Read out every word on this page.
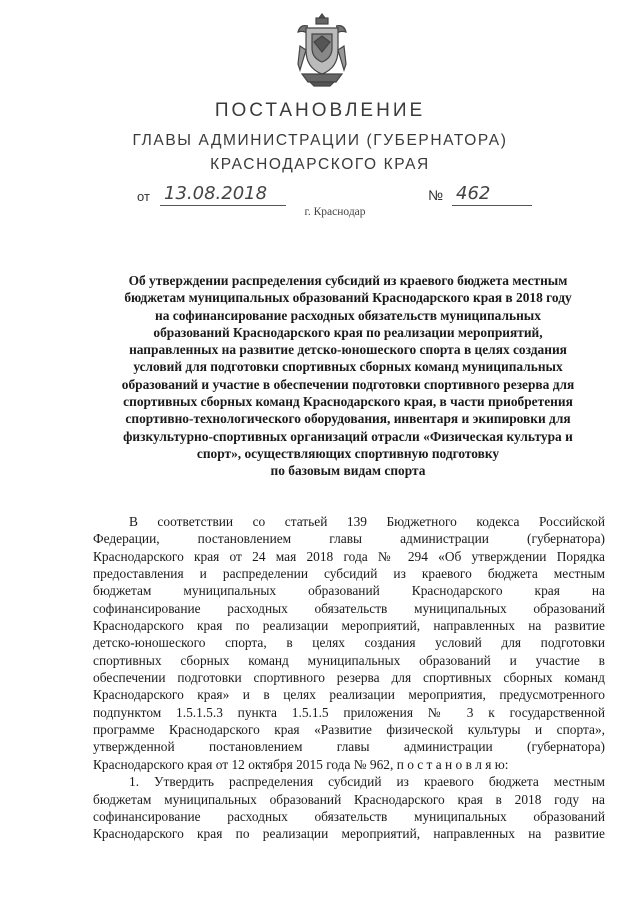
ПОСТАНОВЛЕНИЕ
ГЛАВЫ АДМИНИСТРАЦИИ (ГУБЕРНАТОРА)
КРАСНОДАРСКОГО КРАЯ
от 13.08.2018	№ 462
г. Краснодар
Об утверждении распределения субсидий из краевого бюджета местным
бюджетам муниципальных образований Краснодарского края в 2018 году
на софинансирование расходных обязательств муниципальных
образований Краснодарского края по реализации мероприятий,
направленных на развитие детско-юношеского спорта в целях создания
условий для подготовки спортивных сборных команд муниципальных
образований и участие в обеспечении подготовки спортивного резерва для
спортивных сборных команд Краснодарского края, в части приобретения
спортивно-технологического оборудования, инвентаря и экипировки для
физкультурно-спортивных организаций отрасли «Физическая культура и
спорт», осуществляющих спортивную подготовку
по базовым видам спорта
В соответствии со статьей 139 Бюджетного кодекса Российской
Федерации, постановлением главы администрации (губернатора)
Краснодарского края от 24 мая 2018 года № 294 «Об утверждении Порядка
предоставления и распределении субсидий из краевого бюджета местным
бюджетам муниципальных образований Краснодарского края на
софинансирование расходных обязательств муниципальных образований
Краснодарского края по реализации мероприятий, направленных на развитие
детско-юношеского спорта, в целях создания условий для подготовки
спортивных сборных команд муниципальных образований и участие в
обеспечении подготовки спортивного резерва для спортивных сборных команд
Краснодарского края» и в целях реализации мероприятия, предусмотренного
подпунктом 1.5.1.5.3 пункта 1.5.1.5 приложения № 3 к государственной
программе Краснодарского края «Развитие физической культуры и спорта»,
утвержденной постановлением главы администрации (губернатора)
Краснодарского края от 12 октября 2015 года № 962, п о с т а н о в л я ю:
1. Утвердить распределения субсидий из краевого бюджета местным
бюджетам муниципальных образований Краснодарского края в 2018 году на
софинансирование расходных обязательств муниципальных образований
Краснодарского края по реализации мероприятий, направленных на развитие
